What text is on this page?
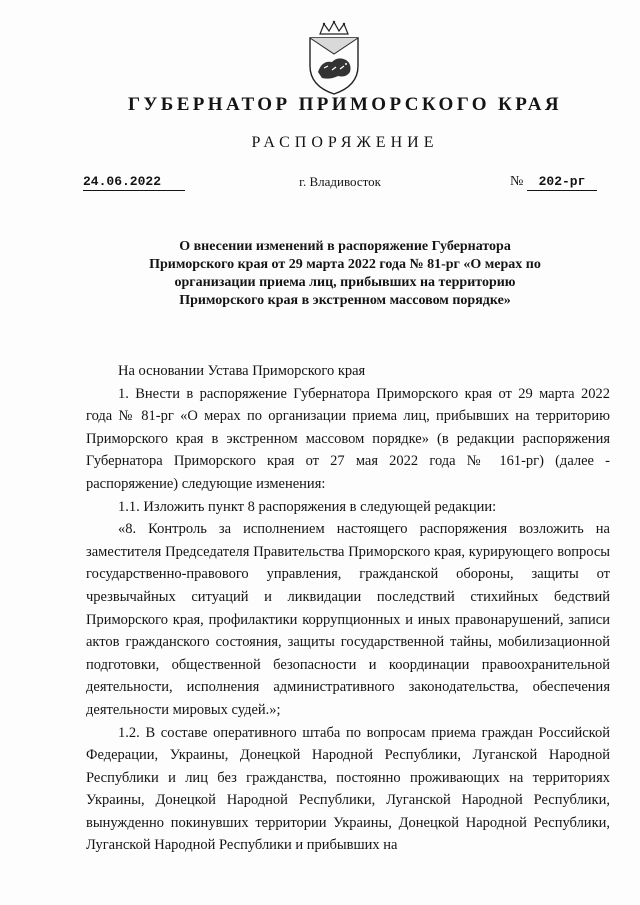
ГУБЕРНАТОР ПРИМОРСКОГО КРАЯ
РАСПОРЯЖЕНИЕ
24.06.2022	г. Владивосток	№	202-рг
О внесении изменений в распоряжение Губернатора Приморского края от 29 марта 2022 года № 81-рг «О мерах по организации приема лиц, прибывших на территорию Приморского края в экстренном массовом порядке»

На основании Устава Приморского края

1. Внести в распоряжение Губернатора Приморского края от 29 марта 2022 года № 81-рг «О мерах по организации приема лиц, прибывших на территорию Приморского края в экстренном массовом порядке» (в редакции распоряжения Губернатора Приморского края от 27 мая 2022 года № 161-рг) (далее - распоряжение) следующие изменения:

1.1. Изложить пункт 8 распоряжения в следующей редакции:

«8. Контроль за исполнением настоящего распоряжения возложить на заместителя Председателя Правительства Приморского края, курирующего вопросы государственно-правового управления, гражданской обороны, защиты от чрезвычайных ситуаций и ликвидации последствий стихийных бедствий Приморского края, профилактики коррупционных и иных правонарушений, записи актов гражданского состояния, защиты государственной тайны, мобилизационной подготовки, общественной безопасности и координации правоохранительной деятельности, исполнения административного законодательства, обеспечения деятельности мировых судей.»;

1.2. В составе оперативного штаба по вопросам приема граждан Российской Федерации, Украины, Донецкой Народной Республики, Луганской Народной Республики и лиц без гражданства, постоянно проживающих на территориях Украины, Донецкой Народной Республики, Луганской Народной Республики, вынужденно покинувших территории Украины, Донецкой Народной Республики, Луганской Народной Республики и прибывших на
